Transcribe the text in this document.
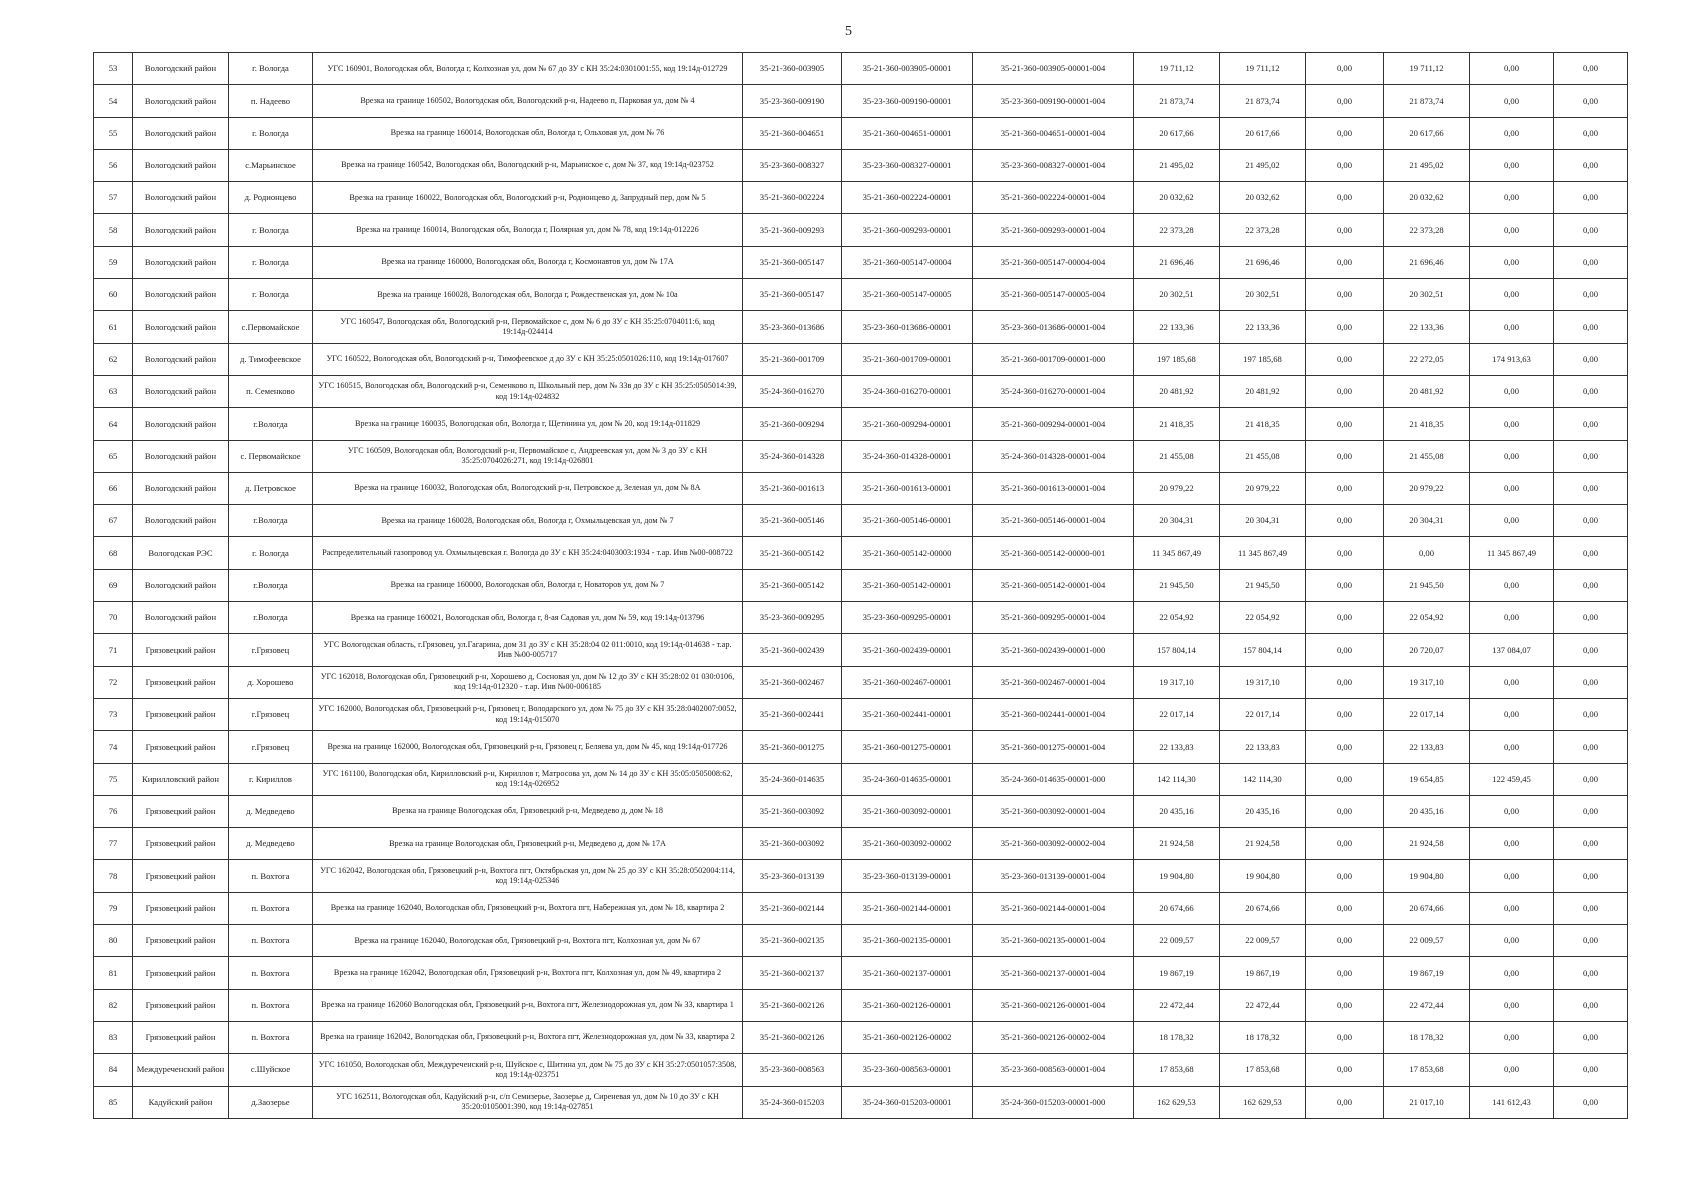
5
53	Вологодский район	г. Вологда	УГС 160901, Вологодская обл, Вологда г, Колхозная ул, дом № 67 до ЗУ с КН 35:24:0301001:55, код 19:14д-012729	35-21-360-003905	35-21-360-003905-00001	35-21-360-003905-00001-004	19 711,12	19 711,12	0,00	19 711,12	0,00	0,00
54	Вологодский район	п. Надеево	Врезка на границе 160502, Вологодская обл, Вологодский р-н, Надеево п, Парковая ул, дом № 4	35-23-360-009190	35-23-360-009190-00001	35-23-360-009190-00001-004	21 873,74	21 873,74	0,00	21 873,74	0,00	0,00
55	Вологодский район	г. Вологда	Врезка на границе 160014, Вологодская обл, Вологда г, Ольховая ул, дом № 76	35-21-360-004651	35-21-360-004651-00001	35-21-360-004651-00001-004	20 617,66	20 617,66	0,00	20 617,66	0,00	0,00
56	Вологодский район	с.Марьинское	Врезка на границе 160542, Вологодская обл, Вологодский р-н, Марьинское с, дом № 37, код 19:14д-023752	35-23-360-008327	35-23-360-008327-00001	35-23-360-008327-00001-004	21 495,02	21 495,02	0,00	21 495,02	0,00	0,00
57	Вологодский район	д. Родионцево	Врезка на границе 160022, Вологодская обл, Вологодский р-н, Родионцево д, Запрудный пер, дом № 5	35-21-360-002224	35-21-360-002224-00001	35-21-360-002224-00001-004	20 032,62	20 032,62	0,00	20 032,62	0,00	0,00
58	Вологодский район	г. Вологда	Врезка на границе 160014, Вологодская обл, Вологда г, Полярная ул, дом № 78, код 19:14д-012226	35-21-360-009293	35-21-360-009293-00001	35-21-360-009293-00001-004	22 373,28	22 373,28	0,00	22 373,28	0,00	0,00
59	Вологодский район	г. Вологда	Врезка на границе 160000, Вологодская обл, Вологда г, Космонавтов ул, дом № 17А	35-21-360-005147	35-21-360-005147-00004	35-21-360-005147-00004-004	21 696,46	21 696,46	0,00	21 696,46	0,00	0,00
60	Вологодский район	г. Вологда	Врезка на границе 160028, Вологодская обл, Вологда г, Рождественская ул, дом № 10а	35-21-360-005147	35-21-360-005147-00005	35-21-360-005147-00005-004	20 302,51	20 302,51	0,00	20 302,51	0,00	0,00
61	Вологодский район	с.Первомайское	УГС 160547, Вологодская обл, Вологодский р-н, Первомайское с, дом № 6 до ЗУ с КН 35:25:0704011:6, код 19:14д-024414	35-23-360-013686	35-23-360-013686-00001	35-23-360-013686-00001-004	22 133,36	22 133,36	0,00	22 133,36	0,00	0,00
62	Вологодский район	д. Тимофеевское	УГС 160522, Вологодская обл, Вологодский р-н, Тимофеевское д до ЗУ с КН 35:25:0501026:110, код 19:14д-017607	35-21-360-001709	35-21-360-001709-00001	35-21-360-001709-00001-000	197 185,68	197 185,68	0,00	22 272,05	174 913,63	0,00
63	Вологодский район	п. Семенково	УГС 160515, Вологодская обл, Вологодский р-н, Семенково п, Школьный пер, дом № 33в до ЗУ с КН 35:25:0505014:39, код 19:14д-024832	35-24-360-016270	35-24-360-016270-00001	35-24-360-016270-00001-004	20 481,92	20 481,92	0,00	20 481,92	0,00	0,00
64	Вологодский район	г.Вологда	Врезка на границе 160035, Вологодская обл, Вологда г, Щетинина ул, дом № 20, код 19:14д-011829	35-21-360-009294	35-21-360-009294-00001	35-21-360-009294-00001-004	21 418,35	21 418,35	0,00	21 418,35	0,00	0,00
65	Вологодский район	с. Первомайское	УГС 160509, Вологодская обл, Вологодский р-н, Первомайское с, Андреевская ул, дом № 3 до ЗУ с КН 35:25:0704026:271, код 19:14д-026801	35-24-360-014328	35-24-360-014328-00001	35-24-360-014328-00001-004	21 455,08	21 455,08	0,00	21 455,08	0,00	0,00
66	Вологодский район	д. Петровское	Врезка на границе 160032, Вологодская обл, Вологодский р-н, Петровское д, Зеленая ул, дом № 8А	35-21-360-001613	35-21-360-001613-00001	35-21-360-001613-00001-004	20 979,22	20 979,22	0,00	20 979,22	0,00	0,00
67	Вологодский район	г.Вологда	Врезка на границе 160028, Вологодская обл, Вологда г, Охмыльцевская ул, дом № 7	35-21-360-005146	35-21-360-005146-00001	35-21-360-005146-00001-004	20 304,31	20 304,31	0,00	20 304,31	0,00	0,00
68	Вологодская РЭС	г. Вологда	Распределительный газопровод ул. Охмыльцевская г. Вологда до ЗУ с КН 35:24:0403003:1934 - т.ар. Инв №00-008722	35-21-360-005142	35-21-360-005142-00000	35-21-360-005142-00000-001	11 345 867,49	11 345 867,49	0,00	0,00	11 345 867,49	0,00
69	Вологодский район	г.Вологда	Врезка на границе 160000, Вологодская обл, Вологда г, Новаторов ул, дом № 7	35-21-360-005142	35-21-360-005142-00001	35-21-360-005142-00001-004	21 945,50	21 945,50	0,00	21 945,50	0,00	0,00
70	Вологодский район	г.Вологда	Врезка на границе 160021, Вологодская обл, Вологда г, 8-ая Садовая ул, дом № 59, код 19:14д-013796	35-23-360-009295	35-23-360-009295-00001	35-21-360-009295-00001-004	22 054,92	22 054,92	0,00	22 054,92	0,00	0,00
71	Грязовецкий район	г.Грязовец	УГС Вологодская область, г.Грязовец, ул.Гагарина, дом 31 до ЗУ с КН 35:28:04 02 011:0010, код 19:14д-014638 - т.ар. Инв №00-005717	35-21-360-002439	35-21-360-002439-00001	35-21-360-002439-00001-000	157 804,14	157 804,14	0,00	20 720,07	137 084,07	0,00
72	Грязовецкий район	д. Хорошево	УГС 162018, Вологодская обл, Грязовецкий р-н, Хорошево д, Сосновая ул, дом № 12 до ЗУ с КН 35:28:02 01 030:0106, код 19:14д-012320 - т.ар. Инв №00-006185	35-21-360-002467	35-21-360-002467-00001	35-21-360-002467-00001-004	19 317,10	19 317,10	0,00	19 317,10	0,00	0,00
73	Грязовецкий район	г.Грязовец	УГС 162000, Вологодская обл, Грязовецкий р-н, Грязовец г, Володарского ул, дом № 75 до ЗУ с КН 35:28:0402007:0052, код 19:14д-015070	35-21-360-002441	35-21-360-002441-00001	35-21-360-002441-00001-004	22 017,14	22 017,14	0,00	22 017,14	0,00	0,00
74	Грязовецкий район	г.Грязовец	Врезка на границе 162000, Вологодская обл, Грязовецкий р-н, Грязовец г, Беляева ул, дом № 45, код 19:14д-017726	35-21-360-001275	35-21-360-001275-00001	35-21-360-001275-00001-004	22 133,83	22 133,83	0,00	22 133,83	0,00	0,00
75	Кирилловский район	г. Кириллов	УГС 161100, Вологодская обл, Кирилловский р-н, Кириллов г, Матросова ул, дом № 14 до ЗУ с КН 35:05:0505008:62, код 19:14д-026952	35-24-360-014635	35-24-360-014635-00001	35-24-360-014635-00001-000	142 114,30	142 114,30	0,00	19 654,85	122 459,45	0,00
76	Грязовецкий район	д. Медведево	Врезка на границе Вологодская обл, Грязовецкий р-н, Медведево д, дом № 18	35-21-360-003092	35-21-360-003092-00001	35-21-360-003092-00001-004	20 435,16	20 435,16	0,00	20 435,16	0,00	0,00
77	Грязовецкий район	д. Медведево	Врезка на границе Вологодская обл, Грязовецкий р-н, Медведево д, дом № 17А	35-21-360-003092	35-21-360-003092-00002	35-21-360-003092-00002-004	21 924,58	21 924,58	0,00	21 924,58	0,00	0,00
78	Грязовецкий район	п. Вохтога	УГС 162042, Вологодская обл, Грязовецкий р-н, Вохтога пгт, Октябрьская ул, дом № 25 до ЗУ с КН 35:28:0502004:114, код 19:14д-025346	35-23-360-013139	35-23-360-013139-00001	35-23-360-013139-00001-004	19 904,80	19 904,80	0,00	19 904,80	0,00	0,00
79	Грязовецкий район	п. Вохтога	Врезка на границе 162040, Вологодская обл, Грязовецкий р-н, Вохтога пгт, Набережная ул, дом № 18, квартира 2	35-21-360-002144	35-21-360-002144-00001	35-21-360-002144-00001-004	20 674,66	20 674,66	0,00	20 674,66	0,00	0,00
80	Грязовецкий район	п. Вохтога	Врезка на границе 162040, Вологодская обл, Грязовецкий р-н, Вохтога пгт, Колхозная ул, дом № 67	35-21-360-002135	35-21-360-002135-00001	35-21-360-002135-00001-004	22 009,57	22 009,57	0,00	22 009,57	0,00	0,00
81	Грязовецкий район	п. Вохтога	Врезка на границе 162042, Вологодская обл, Грязовецкий р-н, Вохтога пгт, Колхозная ул, дом № 49, квартира 2	35-21-360-002137	35-21-360-002137-00001	35-21-360-002137-00001-004	19 867,19	19 867,19	0,00	19 867,19	0,00	0,00
82	Грязовецкий район	п. Вохтога	Врезка на границе 162060 Вологодская обл, Грязовецкий р-н, Вохтога пгт, Железнодорожная ул, дом № 33, квартира 1	35-21-360-002126	35-21-360-002126-00001	35-21-360-002126-00001-004	22 472,44	22 472,44	0,00	22 472,44	0,00	0,00
83	Грязовецкий район	п. Вохтога	Врезка на границе 162042, Вологодская обл, Грязовецкий р-н, Вохтога пгт, Железнодорожная ул, дом № 33, квартира 2	35-21-360-002126	35-21-360-002126-00002	35-21-360-002126-00002-004	18 178,32	18 178,32	0,00	18 178,32	0,00	0,00
84	Междуреченский район	с.Шуйское	УГС 161050, Вологодская обл, Междуреченский р-н, Шуйское с, Шитина ул, дом № 75 до ЗУ с КН 35:27:0501057:3508, код 19:14д-023751	35-23-360-008563	35-23-360-008563-00001	35-23-360-008563-00001-004	17 853,68	17 853,68	0,00	17 853,68	0,00	0,00
85	Кадуйский район	д.Заозерье	УГС 162511, Вологодская обл, Кадуйский р-н, с/п Семизерье, Заозерье д, Сиреневая ул, дом № 10 до ЗУ с КН 35:20:0105001:390, код 19:14д-027851	35-24-360-015203	35-24-360-015203-00001	35-24-360-015203-00001-000	162 629,53	162 629,53	0,00	21 017,10	141 612,43	0,00
